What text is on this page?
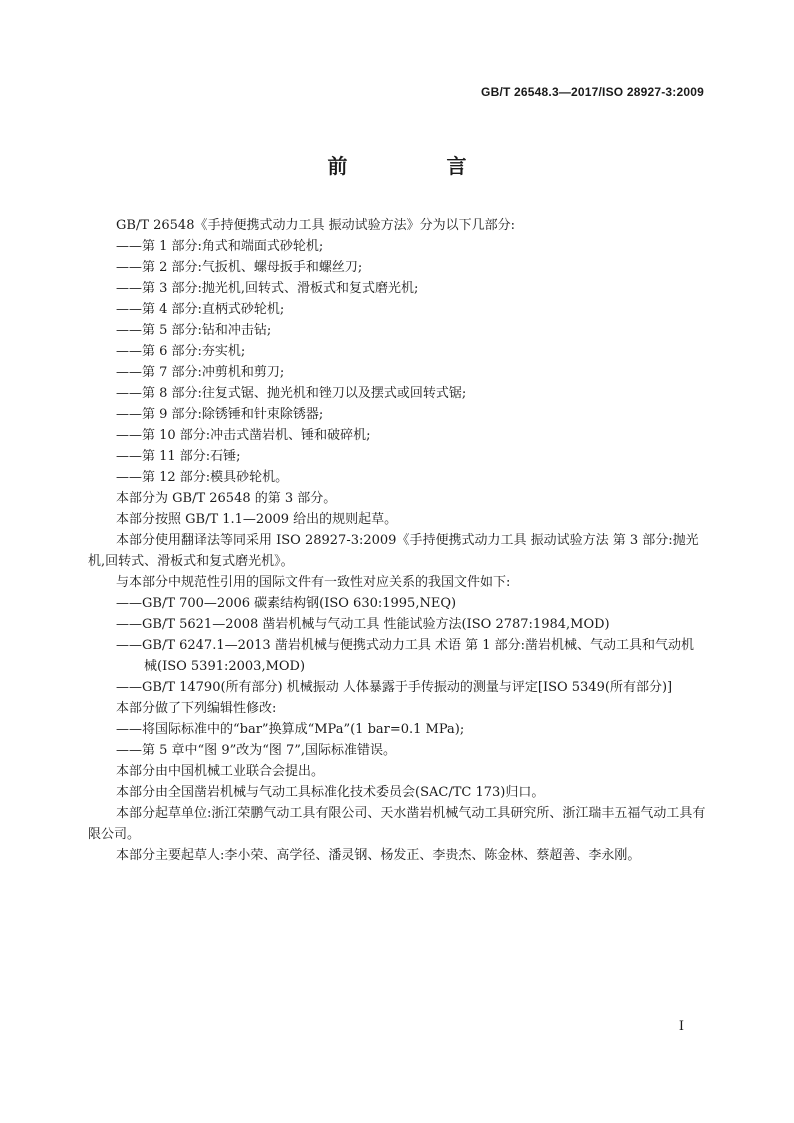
GB/T 26548.3—2017/ISO 28927-3:2009
前 言

GB/T 26548《手持便携式动力工具 振动试验方法》分为以下几部分:

——第 1 部分:角式和端面式砂轮机;

——第 2 部分:气扳机、螺母扳手和螺丝刀;

——第 3 部分:抛光机,回转式、滑板式和复式磨光机;

——第 4 部分:直柄式砂轮机;

——第 5 部分:钻和冲击钻;

——第 6 部分:夯实机;

——第 7 部分:冲剪机和剪刀;

——第 8 部分:往复式锯、抛光机和锉刀以及摆式或回转式锯;

——第 9 部分:除锈锤和针束除锈器;

——第 10 部分:冲击式凿岩机、锤和破碎机;

——第 11 部分:石锤;

——第 12 部分:模具砂轮机。

本部分为 GB/T 26548 的第 3 部分。

本部分按照 GB/T 1.1—2009 给出的规则起草。

本部分使用翻译法等同采用 ISO 28927-3:2009《手持便携式动力工具 振动试验方法 第 3 部分:抛光机,回转式、滑板式和复式磨光机》。

与本部分中规范性引用的国际文件有一致性对应关系的我国文件如下:

——GB/T 700—2006 碳素结构钢(ISO 630:1995,NEQ)

——GB/T 5621—2008 凿岩机械与气动工具 性能试验方法(ISO 2787:1984,MOD)

——GB/T 6247.1—2013 凿岩机械与便携式动力工具 术语 第 1 部分:凿岩机械、气动工具和气动机械(ISO 5391:2003,MOD)

——GB/T 14790(所有部分) 机械振动 人体暴露于手传振动的测量与评定[ISO 5349(所有部分)]

本部分做了下列编辑性修改:

——将国际标准中的“bar”换算成“MPa”(1 bar=0.1 MPa);

——第 5 章中“图 9”改为“图 7”,国际标准错误。

本部分由中国机械工业联合会提出。

本部分由全国凿岩机械与气动工具标准化技术委员会(SAC/TC 173)归口。

本部分起草单位:浙江荣鹏气动工具有限公司、天水凿岩机械气动工具研究所、浙江瑞丰五福气动工具有限公司。

本部分主要起草人:李小荣、高学径、潘灵钢、杨发正、李贵杰、陈金林、蔡超善、李永刚。

I
